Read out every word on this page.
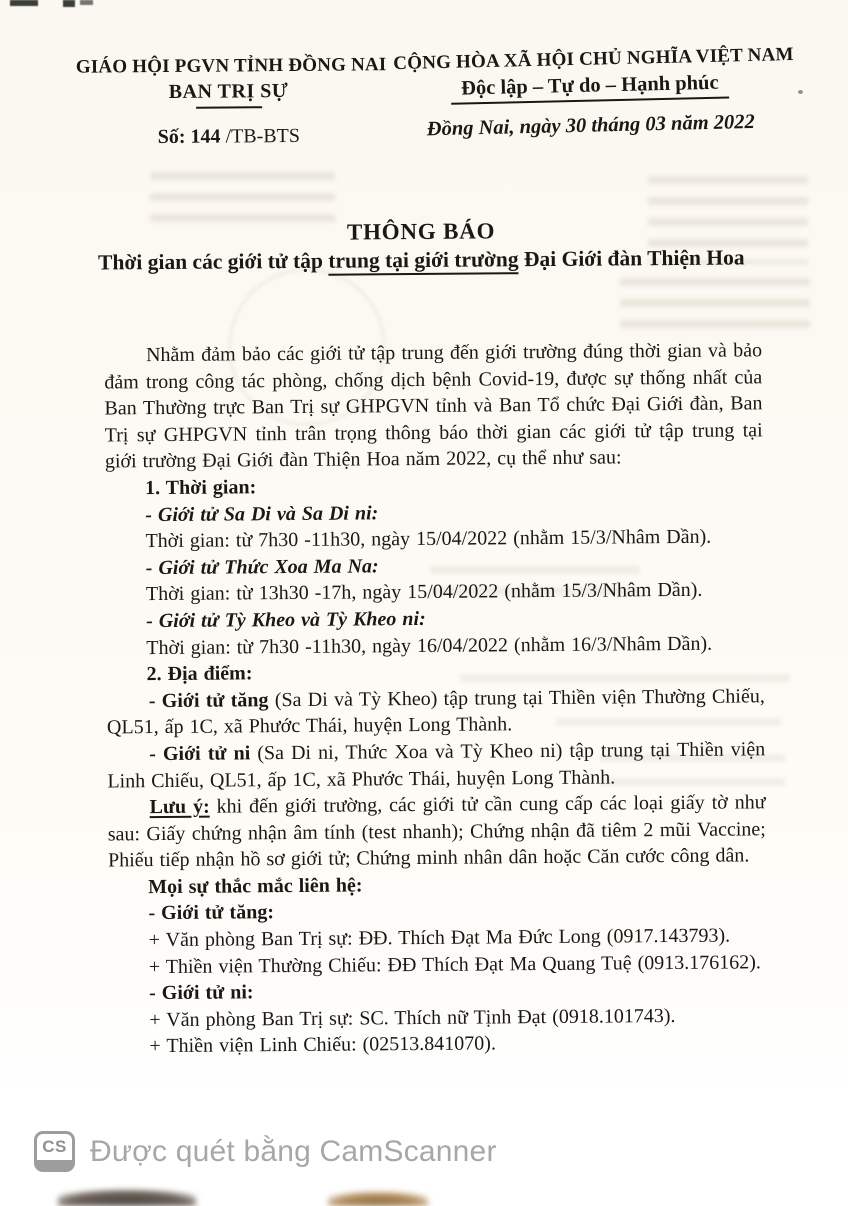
GIÁO HỘI PGVN TỈNH ĐỒNG NAI
BAN TRỊ SỰ
Số: 144 /TB-BTS
CỘNG HÒA XÃ HỘI CHỦ NGHĨA VIỆT NAM
Độc lập – Tự do – Hạnh phúc
Đồng Nai, ngày 30 tháng 03 năm 2022
THÔNG BÁO
Thời gian các giới tử tập trung tại giới trường Đại Giới đàn Thiện Hoa

Nhằm đảm bảo các giới tử tập trung đến giới trường đúng thời gian và bảo đảm trong công tác phòng, chống dịch bệnh Covid-19, được sự thống nhất của Ban Thường trực Ban Trị sự GHPGVN tỉnh và Ban Tổ chức Đại Giới đàn, Ban Trị sự GHPGVN tỉnh trân trọng thông báo thời gian các giới tử tập trung tại giới trường Đại Giới đàn Thiện Hoa năm 2022, cụ thể như sau:

1. Thời gian:

- Giới tử Sa Di và Sa Di ni:

Thời gian: từ 7h30 -11h30, ngày 15/04/2022 (nhằm 15/3/Nhâm Dần).

- Giới tử Thức Xoa Ma Na:

Thời gian: từ 13h30 -17h, ngày 15/04/2022 (nhằm 15/3/Nhâm Dần).

- Giới tử Tỳ Kheo và Tỳ Kheo ni:

Thời gian: từ 7h30 -11h30, ngày 16/04/2022 (nhằm 16/3/Nhâm Dần).

2. Địa điểm:

- Giới tử tăng (Sa Di và Tỳ Kheo) tập trung tại Thiền viện Thường Chiếu, QL51, ấp 1C, xã Phước Thái, huyện Long Thành.

- Giới tử ni (Sa Di ni, Thức Xoa và Tỳ Kheo ni) tập trung tại Thiền viện Linh Chiếu, QL51, ấp 1C, xã Phước Thái, huyện Long Thành.

Lưu ý: khi đến giới trường, các giới tử cần cung cấp các loại giấy tờ như sau: Giấy chứng nhận âm tính (test nhanh); Chứng nhận đã tiêm 2 mũi Vaccine; Phiếu tiếp nhận hồ sơ giới tử; Chứng minh nhân dân hoặc Căn cước công dân.

Mọi sự thắc mắc liên hệ:

- Giới tử tăng:

+ Văn phòng Ban Trị sự: ĐĐ. Thích Đạt Ma Đức Long (0917.143793).

+ Thiền viện Thường Chiếu: ĐĐ Thích Đạt Ma Quang Tuệ (0913.176162).

- Giới tử ni:

+ Văn phòng Ban Trị sự: SC. Thích nữ Tịnh Đạt (0918.101743).

+ Thiền viện Linh Chiếu: (02513.841070).

CS Được quét bằng CamScanner
